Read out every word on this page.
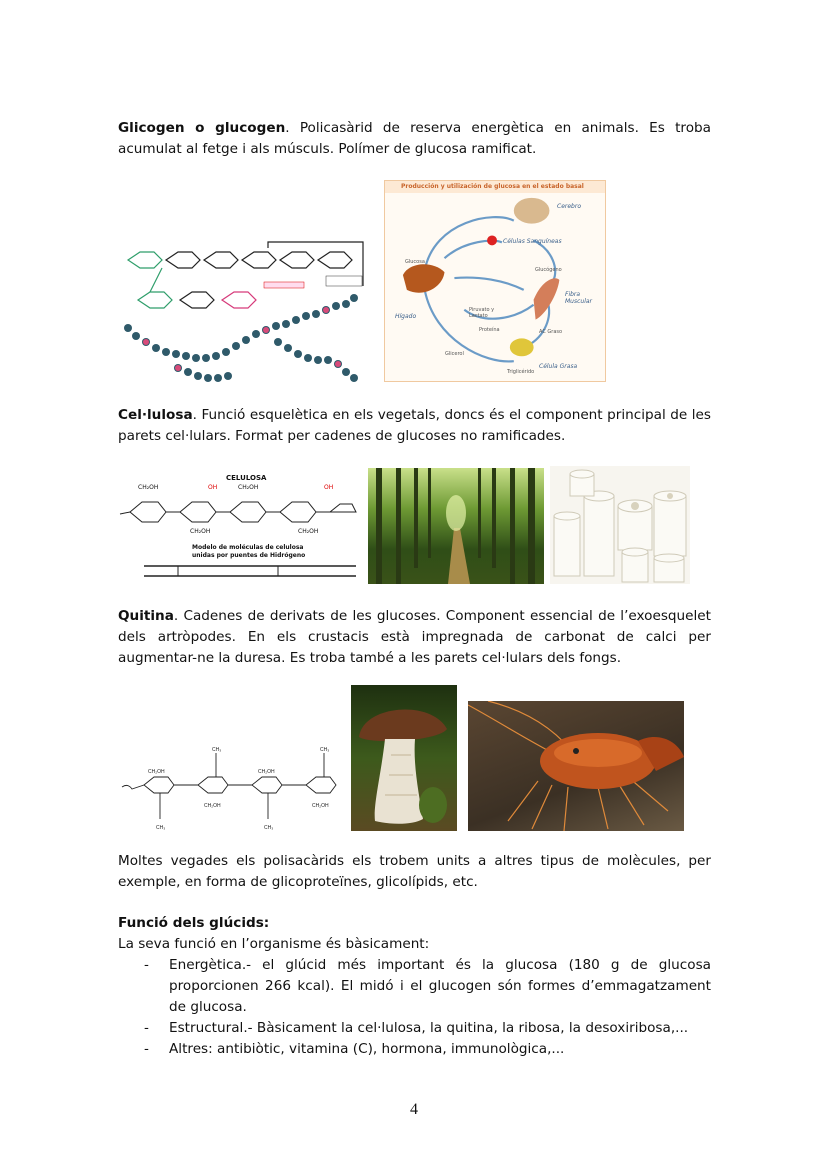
Glicogen o glucogen. Policasàrid de reserva energètica en animals. Es troba acumulat al fetge i als músculs. Polímer de glucosa ramificat.

Producción y utilización de glucosa en el estado basal
Cerebro
Células Sanguíneas
Hígado
Fibra Muscular
Célula Grasa
Glucosa
Glucógeno
Piruvato y Lactato
Glicerol
Triglicérido
AC Graso
Proteína

Cel·lulosa. Funció esquelètica en els vegetals, doncs és el component principal de les parets cel·lulars. Format per cadenes de glucoses no ramificades.

CELULOSA
CH₂OH	OH	CH₂OH	OH
CH₂OH	CH₂OH
Modelo de moléculas de celulosa
unidas por puentes de Hidrógeno

Quitina. Cadenes de derivats de les glucoses. Component essencial de l’exoesquelet dels artròpodes. En els crustacis està impregnada de carbonat de calci per augmentar-ne la duresa. Es troba també a les parets cel·lulars dels fongs.

CH₂OH	CH₂OH
CH₂OH	CH₂OH
CH₃	CH₃
CH₃	CH₃

Moltes vegades els polisacàrids els trobem units a altres tipus de molècules, per exemple, en forma de glicoproteïnes, glicolípids, etc.

Funció dels glúcids:
La seva funció en l’organisme és bàsicament:
- Energètica.- el glúcid més important és la glucosa (180 g de glucosa proporcionen 266 kcal). El midó i el glucogen són formes d’emmagatzament de glucosa.
- Estructural.- Bàsicament la cel·lulosa, la quitina, la ribosa, la desoxiribosa,...
- Altres: antibiòtic, vitamina (C), hormona, immunològica,...
4
